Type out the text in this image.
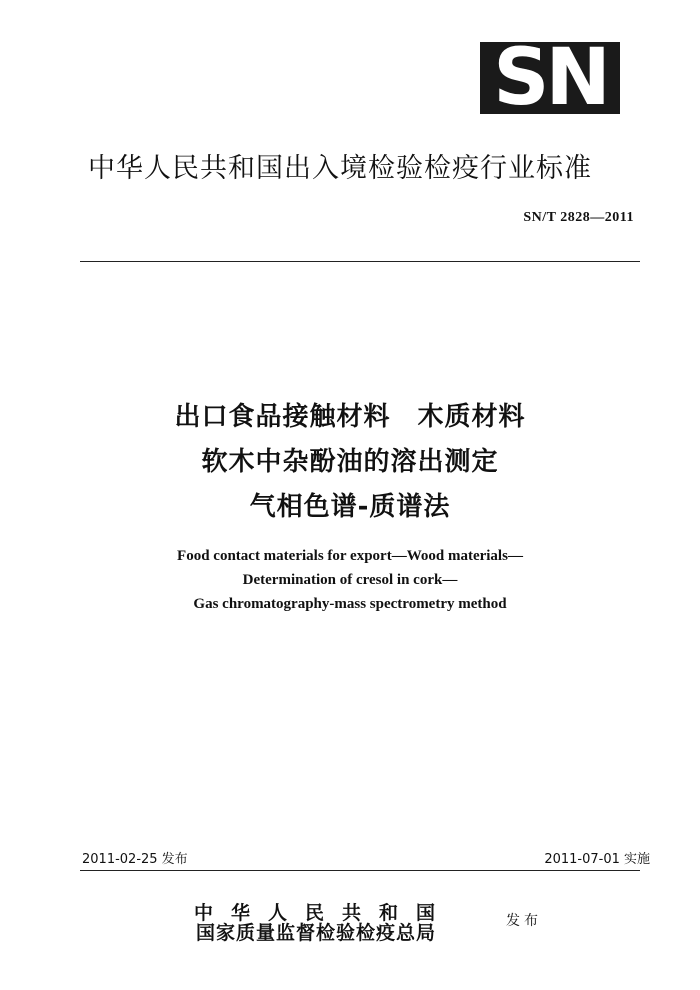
SN
中华人民共和国出入境检验检疫行业标准
SN/T 2828—2011
出口食品接触材料　木质材料
软木中杂酚油的溶出测定
气相色谱-质谱法
Food contact materials for export—Wood materials—
Determination of cresol in cork—
Gas chromatography-mass spectrometry method
2011-02-25 发布	2011-07-01 实施
中华人民共和国
国家质量监督检验检疫总局
发布
